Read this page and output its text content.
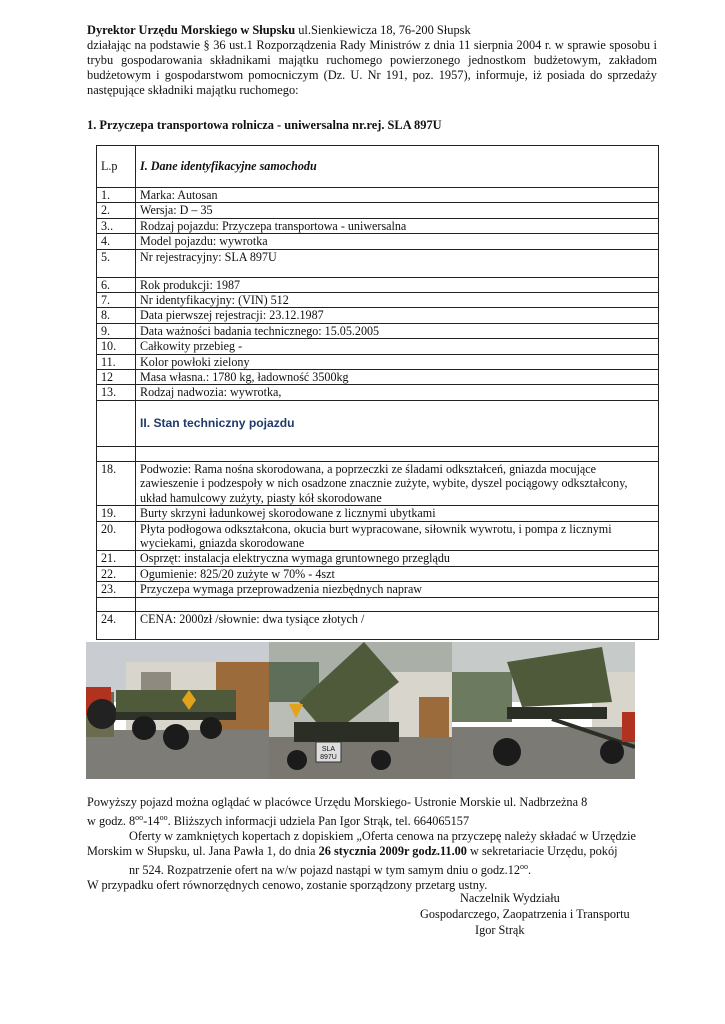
Dyrektor Urzędu Morskiego w Słupsku ul.Sienkiewicza 18, 76-200 Słupsk
działając na podstawie § 36 ust.1 Rozporządzenia Rady Ministrów z dnia 11 sierpnia 2004 r. w sprawie sposobu i trybu gospodarowania składnikami majątku ruchomego powierzonego jednostkom budżetowym, zakładom budżetowym i gospodarstwom pomocniczym (Dz. U. Nr 191, poz. 1957), informuje, iż posiada do sprzedaży następujące składniki majątku ruchomego:
1. Przyczepa transportowa rolnicza - uniwersalna nr.rej. SLA 897U
L.p	I. Dane identyfikacyjne samochodu
1.	Marka: Autosan
2.	Wersja: D – 35
3..	Rodzaj pojazdu: Przyczepa transportowa - uniwersalna
4.	Model pojazdu: wywrotka
5.	Nr rejestracyjny: SLA 897U
6.	Rok produkcji: 1987
7.	Nr identyfikacyjny: (VIN) 512
8.	Data pierwszej rejestracji: 23.12.1987
9.	Data ważności badania technicznego: 15.05.2005
10.	Całkowity przebieg -
11.	Kolor powłoki zielony
12	Masa własna.: 1780 kg, ładowność 3500kg
13.	Rodzaj nadwozia: wywrotka,
	II. Stan techniczny pojazdu

18.	Podwozie: Rama nośna skorodowana, a poprzeczki ze śladami odkształceń, gniazda mocujące zawieszenie i podzespoły w nich osadzone znacznie zużyte, wybite, dyszel pociągowy odkształcony, układ hamulcowy zużyty, piasty kół skorodowane
19.	Burty skrzyni ładunkowej skorodowane z licznymi ubytkami
20.	Płyta podłogowa odkształcona, okucia burt wypracowane, siłownik wywrotu, i pompa z licznymi wyciekami, gniazda skorodowane
21.	Osprzęt: instalacja elektryczna wymaga gruntownego przeglądu
22.	Ogumienie: 825/20 zużyte w 70% - 4szt
23.	Przyczepa wymaga przeprowadzenia niezbędnych napraw

24.	CENA: 2000zł /słownie: dwa tysiące złotych /
SLA
897U

Powyższy pojazd można oglądać w placówce Urzędu Morskiego- Ustronie Morskie ul. Nadbrzeżna 8

w godz. $8^{oo}-14^{oo}$. Bliższych informacji udziela Pan Igor Strąk, tel. 664065157

Oferty w zamkniętych kopertach z dopiskiem „Oferta cenowa na przyczepę należy składać w Urzędzie

Morskim w Słupsku, ul. Jana Pawła 1, do dnia 26 stycznia 2009r godz.11.00 w sekretariacie Urzędu, pokój

nr 524. Rozpatrzenie ofert na w/w pojazd nastąpi w tym samym dniu o $godz.12^{oo}$.

W przypadku ofert równorzędnych cenowo, zostanie sporządzony przetarg ustny.

Naczelnik Wydziału
Gospodarczego, Zaopatrzenia i Transportu
Igor Strąk
